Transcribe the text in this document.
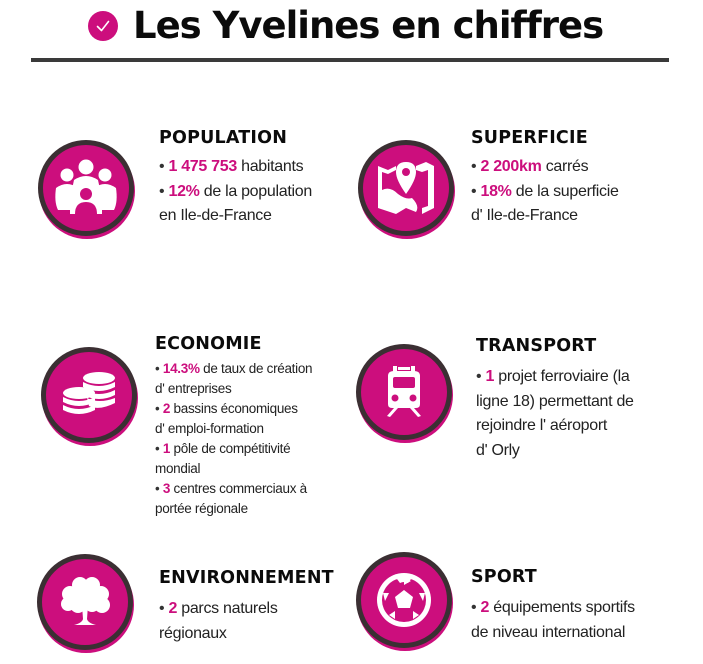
Les Yvelines en chiffres
POPULATION
• 1 475 753 habitants
• 12% de la population
en Ile-de-France
SUPERFICIE
• 2 200km carrés
• 18% de la superficie
d' Ile-de-France
ECONOMIE
• 14.3% de taux de création
d' entreprises
• 2 bassins économiques
d' emploi-formation
• 1 pôle de compétitivité
mondial
• 3 centres commerciaux à
portée régionale
TRANSPORT
• 1 projet ferroviaire (la
ligne 18) permettant de
rejoindre l' aéroport
d' Orly
ENVIRONNEMENT
• 2 parcs naturels
régionaux
SPORT
• 2 équipements sportifs
de niveau international
